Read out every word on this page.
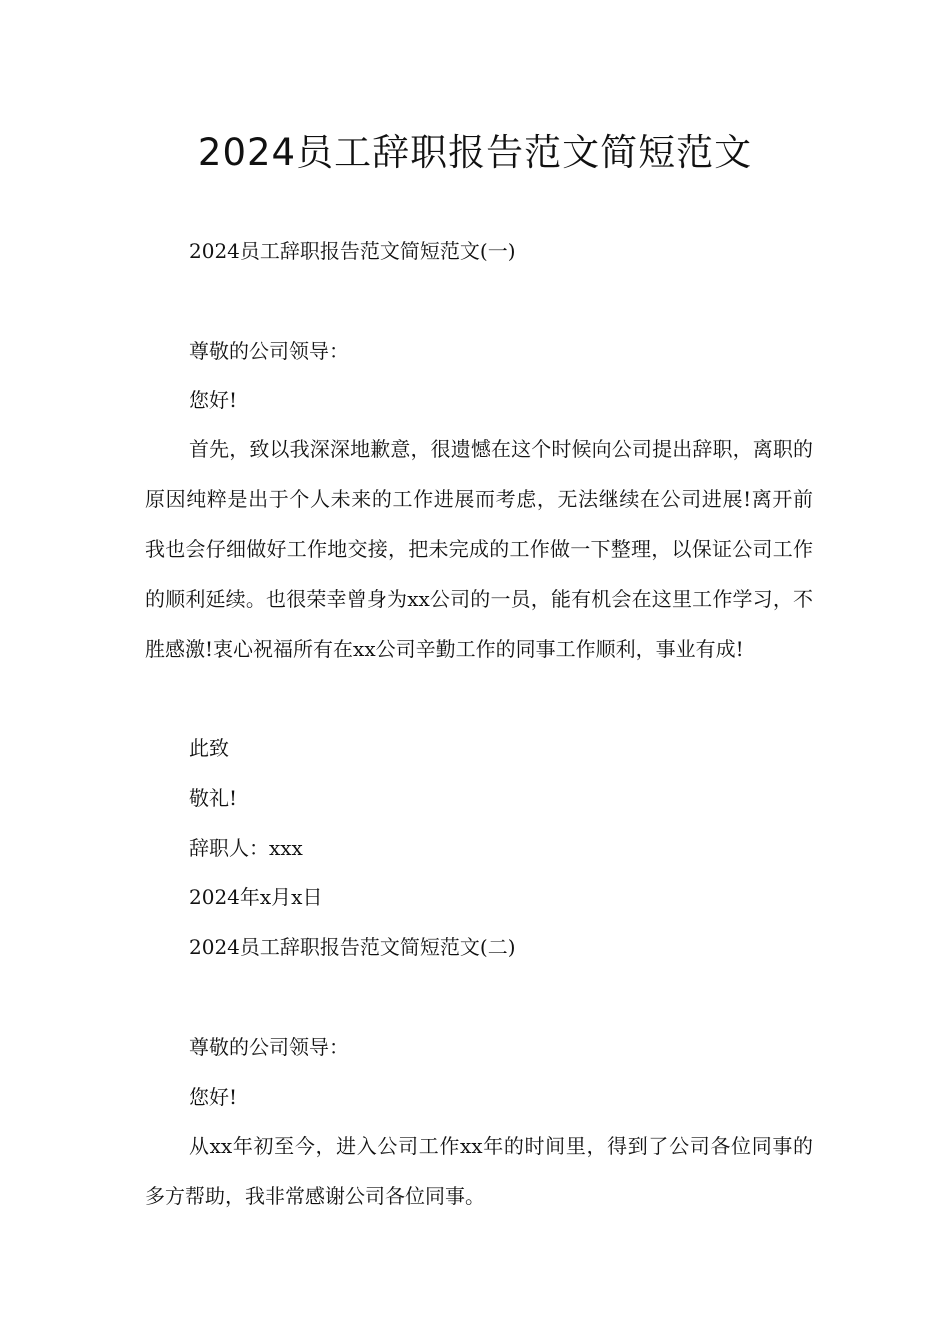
2024员工辞职报告范文简短范文

2024员工辞职报告范文简短范文(一)

尊敬的公司领导：

您好!

首先，致以我深深地歉意，很遗憾在这个时候向公司提出辞职，离职的原因纯粹是出于个人未来的工作进展而考虑，无法继续在公司进展!离开前我也会仔细做好工作地交接，把未完成的工作做一下整理，以保证公司工作的顺利延续。也很荣幸曾身为xx公司的一员，能有机会在这里工作学习，不胜感激!衷心祝福所有在xx公司辛勤工作的同事工作顺利，事业有成!

此致

敬礼!

辞职人：xxx

2024年x月x日

2024员工辞职报告范文简短范文(二)

尊敬的公司领导：

您好!

从xx年初至今，进入公司工作xx年的时间里，得到了公司各位同事的多方帮助，我非常感谢公司各位同事。
